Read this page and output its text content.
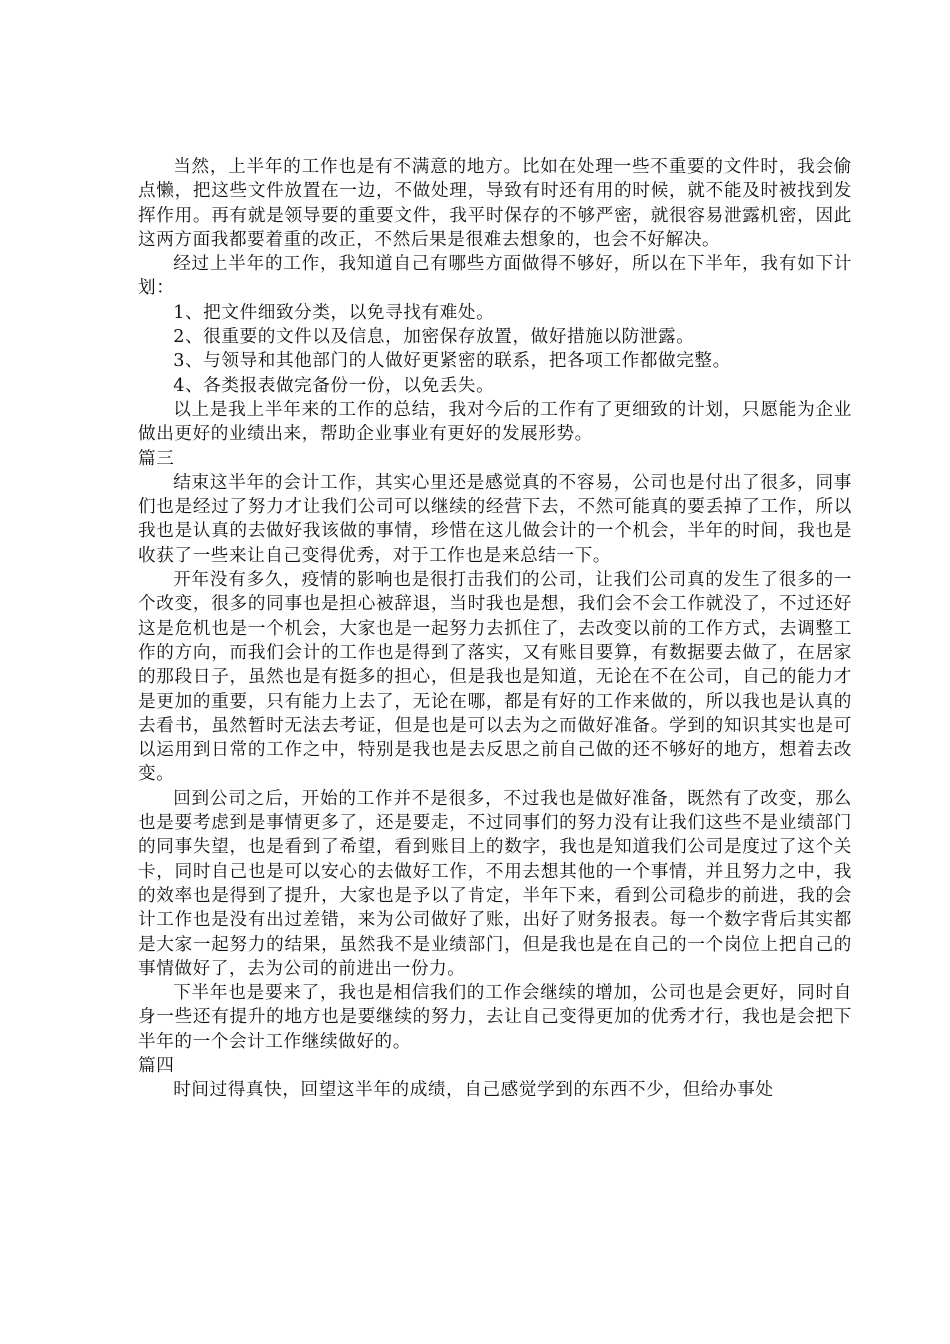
当然，上半年的工作也是有不满意的地方。比如在处理一些不重要的文件时，我会偷点懒，把这些文件放置在一边，不做处理，导致有时还有用的时候，就不能及时被找到发挥作用。再有就是领导要的重要文件，我平时保存的不够严密，就很容易泄露机密，因此这两方面我都要着重的改正，不然后果是很难去想象的，也会不好解决。

经过上半年的工作，我知道自己有哪些方面做得不够好，所以在下半年，我有如下计划：

1、把文件细致分类，以免寻找有难处。

2、很重要的文件以及信息，加密保存放置，做好措施以防泄露。

3、与领导和其他部门的人做好更紧密的联系，把各项工作都做完整。

4、各类报表做完备份一份，以免丢失。

以上是我上半年来的工作的总结，我对今后的工作有了更细致的计划，只愿能为企业做出更好的业绩出来，帮助企业事业有更好的发展形势。

篇三

结束这半年的会计工作，其实心里还是感觉真的不容易，公司也是付出了很多，同事们也是经过了努力才让我们公司可以继续的经营下去，不然可能真的要丢掉了工作，所以我也是认真的去做好我该做的事情，珍惜在这儿做会计的一个机会，半年的时间，我也是收获了一些来让自己变得优秀，对于工作也是来总结一下。

开年没有多久，疫情的影响也是很打击我们的公司，让我们公司真的发生了很多的一个改变，很多的同事也是担心被辞退，当时我也是想，我们会不会工作就没了，不过还好这是危机也是一个机会，大家也是一起努力去抓住了，去改变以前的工作方式，去调整工作的方向，而我们会计的工作也是得到了落实，又有账目要算，有数据要去做了，在居家的那段日子，虽然也是有挺多的担心，但是我也是知道，无论在不在公司，自己的能力才是更加的重要，只有能力上去了，无论在哪，都是有好的工作来做的，所以我也是认真的去看书，虽然暂时无法去考证，但是也是可以去为之而做好准备。学到的知识其实也是可以运用到日常的工作之中，特别是我也是去反思之前自己做的还不够好的地方，想着去改变。

回到公司之后，开始的工作并不是很多，不过我也是做好准备，既然有了改变，那么也是要考虑到是事情更多了，还是要走，不过同事们的努力没有让我们这些不是业绩部门的同事失望，也是看到了希望，看到账目上的数字，我也是知道我们公司是度过了这个关卡，同时自己也是可以安心的去做好工作，不用去想其他的一个事情，并且努力之中，我的效率也是得到了提升，大家也是予以了肯定，半年下来，看到公司稳步的前进，我的会计工作也是没有出过差错，来为公司做好了账，出好了财务报表。每一个数字背后其实都是大家一起努力的结果，虽然我不是业绩部门，但是我也是在自己的一个岗位上把自己的事情做好了，去为公司的前进出一份力。

下半年也是要来了，我也是相信我们的工作会继续的增加，公司也是会更好，同时自身一些还有提升的地方也是要继续的努力，去让自己变得更加的优秀才行，我也是会把下半年的一个会计工作继续做好的。

篇四

时间过得真快，回望这半年的成绩，自己感觉学到的东西不少，但给办事处
